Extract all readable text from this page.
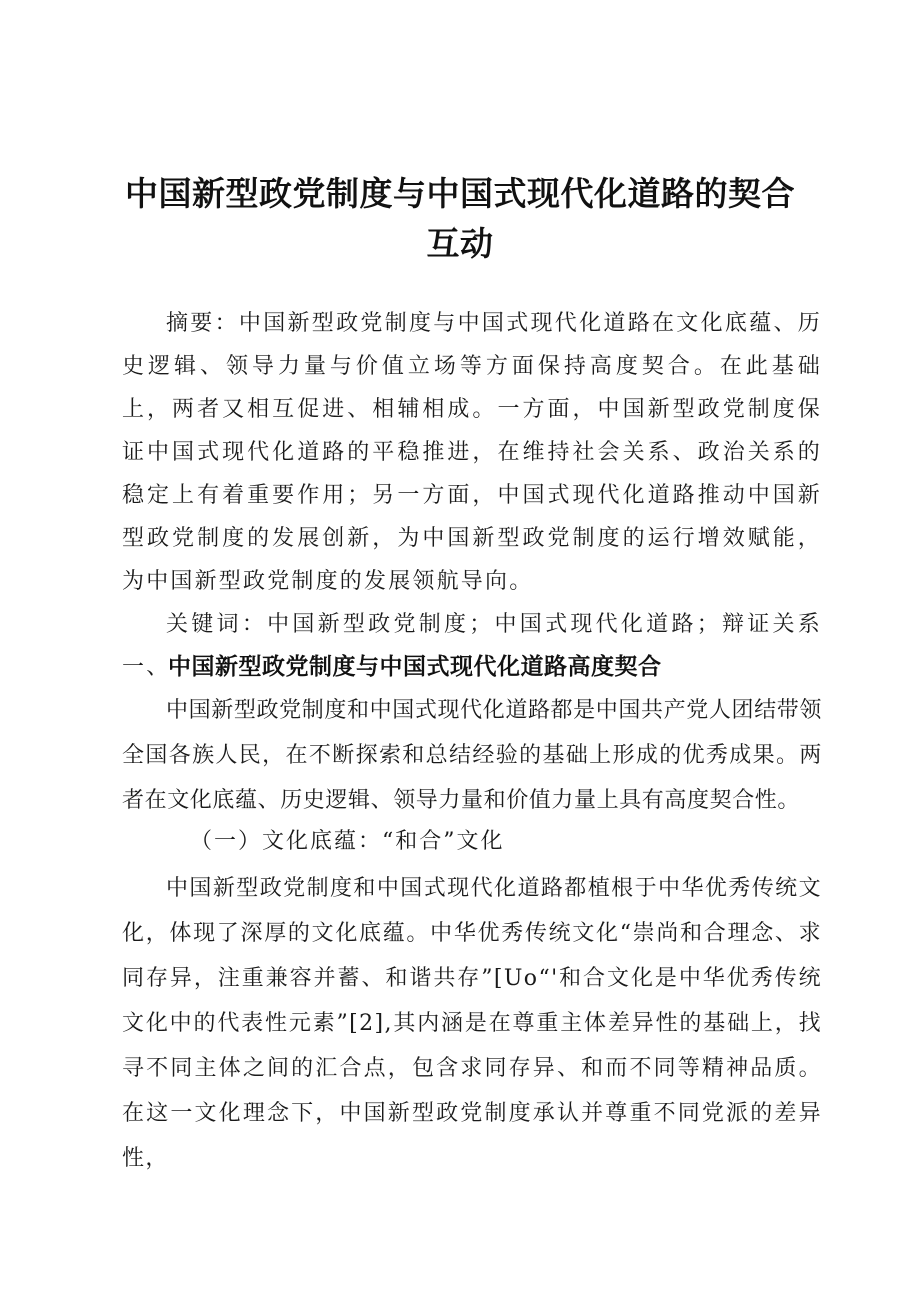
中国新型政党制度与中国式现代化道路的契合
互动
摘要：中国新型政党制度与中国式现代化道路在文化底蕴、历史逻辑、领导力量与价值立场等方面保持高度契合。在此基础上，两者又相互促进、相辅相成。一方面，中国新型政党制度保证中国式现代化道路的平稳推进，在维持社会关系、政治关系的稳定上有着重要作用；另一方面，中国式现代化道路推动中国新型政党制度的发展创新，为中国新型政党制度的运行增效赋能，为中国新型政党制度的发展领航导向。
关键词：中国新型政党制度；中国式现代化道路；辩证关系一、
中国新型政党制度与中国式现代化道路高度契合
中国新型政党制度和中国式现代化道路都是中国共产党人团结带领全国各族人民，在不断探索和总结经验的基础上形成的优秀成果。两者在文化底蕴、历史逻辑、领导力量和价值力量上具有高度契合性。
（一）文化底蕴：“和合”文化
中国新型政党制度和中国式现代化道路都植根于中华优秀传统文化，体现了深厚的文化底蕴。中华优秀传统文化“崇尚和合理念、求同存异，注重兼容并蓄、和谐共存”[Uo“'和合文化是中华优秀传统文化中的代表性元素”[2],其内涵是在尊重主体差异性的基础上，找寻不同主体之间的汇合点，包含求同存异、和而不同等精神品质。在这一文化理念下，中国新型政党制度承认并尊重不同党派的差异性，
